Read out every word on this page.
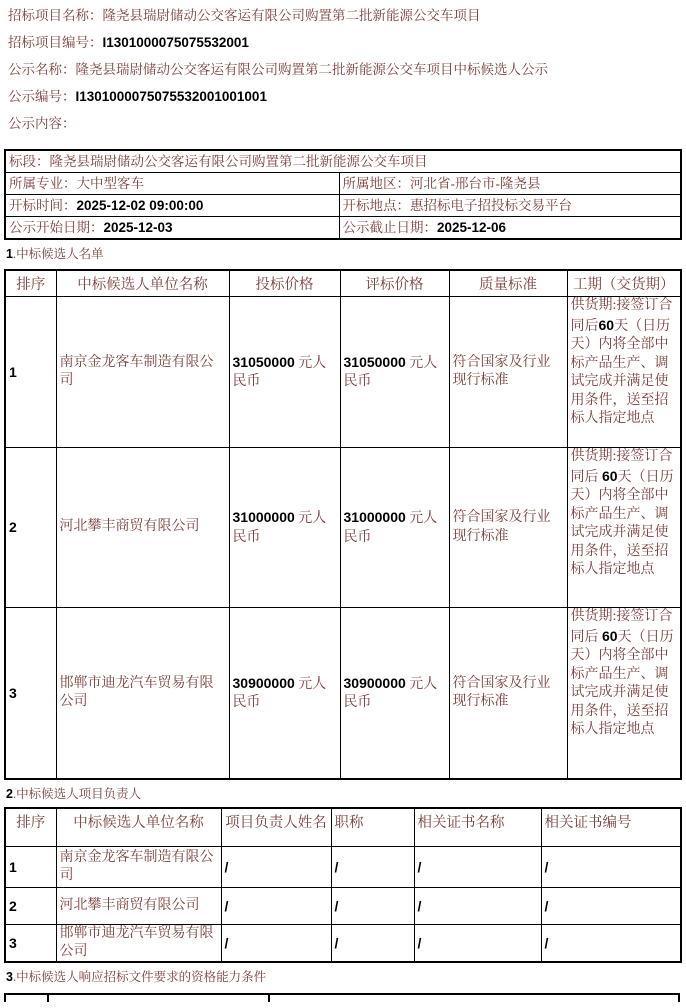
招标项目名称：隆尧县瑞尉储动公交客运有限公司购置第二批新能源公交车项目

招标项目编号：I1301000075075532001

公示名称：隆尧县瑞尉储动公交客运有限公司购置第二批新能源公交车项目中标候选人公示

公示编号：I1301000075075532001001001

公示内容：

标段：隆尧县瑞尉储动公交客运有限公司购置第二批新能源公交车项目	
所属专业：大中型客车	所属地区：河北省-邢台市-隆尧县
开标时间：2025-12-02 09:00:00	开标地点：惠招标电子招投标交易平台
公示开始日期：2025-12-03	公示截止日期：2025-12-06

1.中标候选人名单

排序	中标候选人单位名称	投标价格	评标价格	质量标准	工期（交货期）
1	南京金龙客车制造有限公司	31050000 元人民币	31050000 元人民币	符合国家及行业现行标准	供货期:接签订合同后60天（日历天）内将全部中标产品生产、调试完成并满足使用条件，送至招标人指定地点
2	河北攀丰商贸有限公司	31000000 元人民币	31000000 元人民币	符合国家及行业现行标准	供货期:接签订合同后 60天（日历天）内将全部中标产品生产、调试完成并满足使用条件，送至招标人指定地点
3	邯郸市迪龙汽车贸易有限公司	30900000 元人民币	30900000 元人民币	符合国家及行业现行标准	供货期:接签订合同后 60天（日历天）内将全部中标产品生产、调试完成并满足使用条件，送至招标人指定地点

2.中标候选人项目负责人

排序	中标候选人单位名称	项目负责人姓名	职称	相关证书名称	相关证书编号
1	南京金龙客车制造有限公司	/	/	/	/
2	河北攀丰商贸有限公司	/	/	/	/
3	邯郸市迪龙汽车贸易有限公司	/	/	/	/

3.中标候选人响应招标文件要求的资格能力条件
